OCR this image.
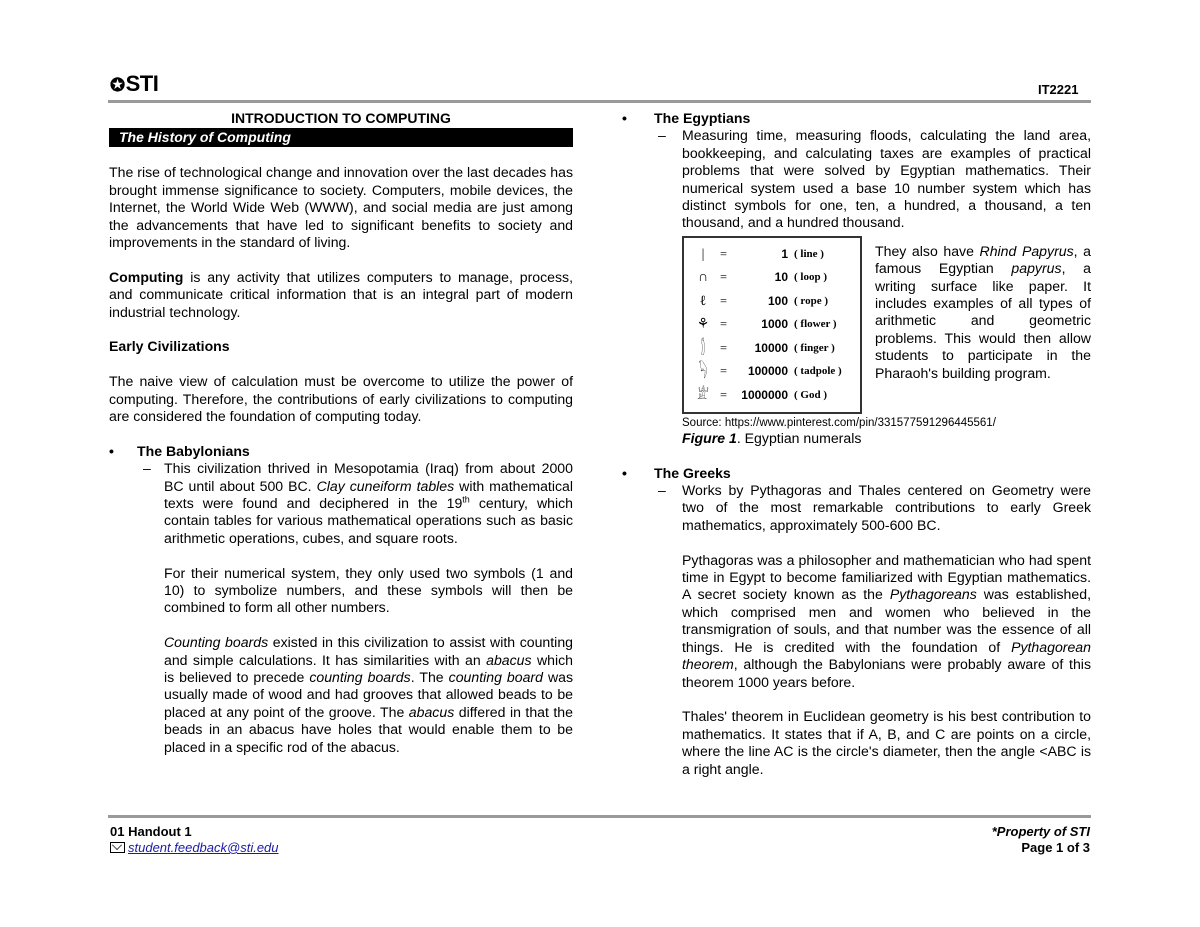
✪STI	IT2221
INTRODUCTION TO COMPUTING
The History of Computing

The rise of technological change and innovation over the last decades has brought immense significance to society. Computers, mobile devices, the Internet, the World Wide Web (WWW), and social media are just among the advancements that have led to significant benefits to society and improvements in the standard of living.

Computing is any activity that utilizes computers to manage, process, and communicate critical information that is an integral part of modern industrial technology.

Early Civilizations

The naive view of calculation must be overcome to utilize the power of computing. Therefore, the contributions of early civilizations to computing are considered the foundation of computing today.

• The Babylonians
– This civilization thrived in Mesopotamia (Iraq) from about 2000 BC until about 500 BC. Clay cuneiform tables with mathematical texts were found and deciphered in the 19th century, which contain tables for various mathematical operations such as basic arithmetic operations, cubes, and square roots.

For their numerical system, they only used two symbols (1 and 10) to symbolize numbers, and these symbols will then be combined to form all other numbers.

Counting boards existed in this civilization to assist with counting and simple calculations. It has similarities with an abacus which is believed to precede counting boards. The counting board was usually made of wood and had grooves that allowed beads to be placed at any point of the groove. The abacus differed in that the beads in an abacus have holes that would enable them to be placed in a specific rod of the abacus.

• The Egyptians
– Measuring time, measuring floods, calculating the land area, bookkeeping, and calculating taxes are examples of practical problems that were solved by Egyptian mathematics. Their numerical system used a base 10 number system which has distinct symbols for one, ten, a hundred, a thousand, a ten thousand, and a hundred thousand.
|	=	1 ( line )
∩ =	10 ( loop )
ℓ	=	100 ( rope )
⚘ =	1000 ( flower )
𓂭	= 10000 ( finger )
𓆐 = 100000 ( tadpole )
𓁨 = 1000000 ( God )

They also have Rhind Papyrus, a famous Egyptian papyrus, a writing surface like paper. It includes examples of all types of arithmetic and geometric problems. This would then allow students to participate in the Pharaoh's building program.

Source: https://www.pinterest.com/pin/331577591296445561/

Figure 1. Egyptian numerals

• The Greeks
– Works by Pythagoras and Thales centered on Geometry were two of the most remarkable contributions to early Greek mathematics, approximately 500-600 BC.

Pythagoras was a philosopher and mathematician who had spent time in Egypt to become familiarized with Egyptian mathematics. A secret society known as the Pythagoreans was established, which comprised men and women who believed in the transmigration of souls, and that number was the essence of all things. He is credited with the foundation of Pythagorean theorem, although the Babylonians were probably aware of this theorem 1000 years before.

Thales' theorem in Euclidean geometry is his best contribution to mathematics. It states that if A, B, and C are points on a circle, where the line AC is the circle's diameter, then the angle <ABC is a right angle.

01 Handout 1
student.feedback@sti.edu
*Property of STI
Page 1 of 3
